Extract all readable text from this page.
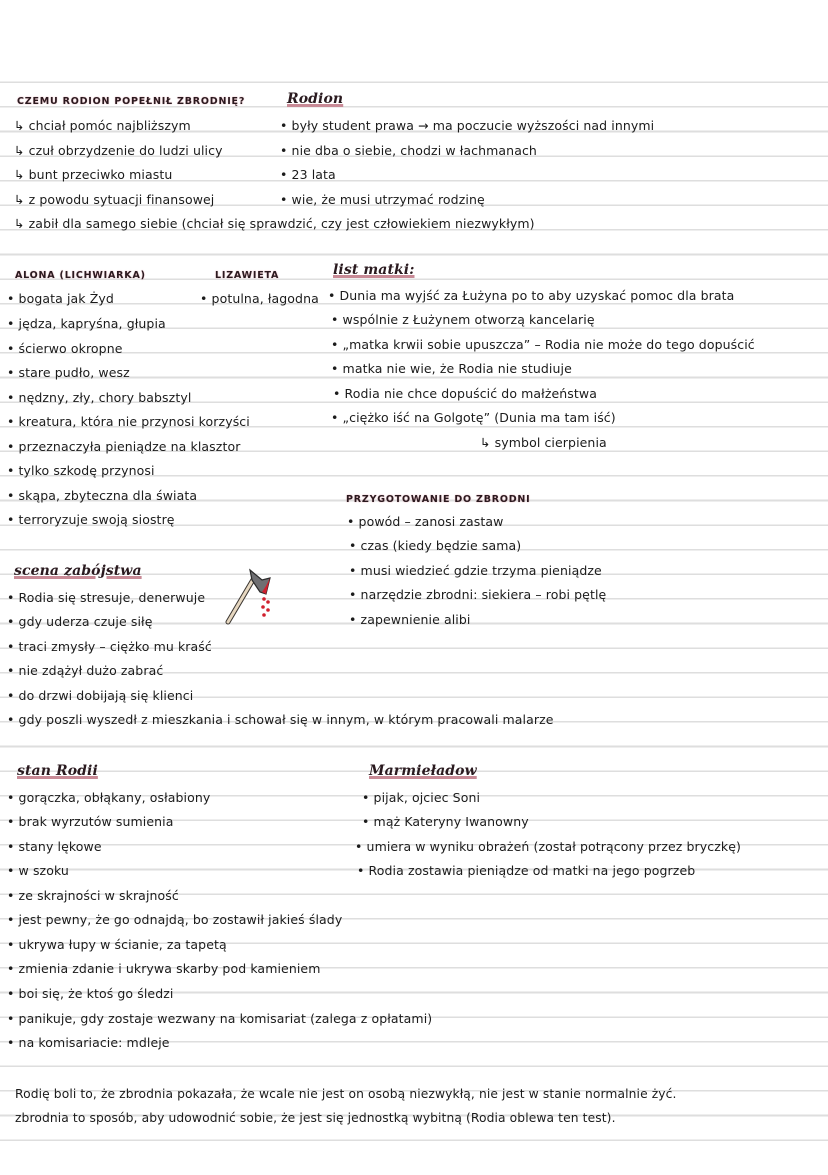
CZEMU RODION POPEŁNIŁ ZBRODNIĘ?
↳ chciał pomóc najbliższym
↳ czuł obrzydzenie do ludzi ulicy
↳ bunt przeciwko miastu
↳ z powodu sytuacji finansowej
↳ zabił dla samego siebie (chciał się sprawdzić, czy jest człowiekiem niezwykłym)
Rodion
• były student prawa → ma poczucie wyższości nad innymi
• nie dba o siebie, chodzi w łachmanach
• 23 lata
• wie, że musi utrzymać rodzinę
ALONA (LICHWIARKA)
• bogata jak Żyd
• jędza, kapryśna, głupia
• ścierwo okropne
• stare pudło, wesz
• nędzny, zły, chory babsztyl
• kreatura, która nie przynosi korzyści
• przeznaczyła pieniądze na klasztor
• tylko szkodę przynosi
• skąpa, zbyteczna dla świata
• terroryzuje swoją siostrę
LIZAWIETA
• potulna, łagodna
list matki:
• Dunia ma wyjść za Łużyna po to aby uzyskać pomoc dla brata
• wspólnie z Łużynem otworzą kancelarię
• „matka krwii sobie upuszcza” – Rodia nie może do tego dopuścić
• matka nie wie, że Rodia nie studiuje
• Rodia nie chce dopuścić do małżeństwa
• „ciężko iść na Golgotę” (Dunia ma tam iść)
↳ symbol cierpienia
PRZYGOTOWANIE DO ZBRODNI
• powód – zanosi zastaw
• czas (kiedy będzie sama)
• musi wiedzieć gdzie trzyma pieniądze
• narzędzie zbrodni: siekiera – robi pętlę
• zapewnienie alibi
scena zabójstwa
• Rodia się stresuje, denerwuje
• gdy uderza czuje siłę
• traci zmysły – ciężko mu kraść
• nie zdążył dużo zabrać
• do drzwi dobijają się klienci
• gdy poszli wyszedł z mieszkania i schował się w innym, w którym pracowali malarze
stan Rodii
• gorączka, obłąkany, osłabiony
• brak wyrzutów sumienia
• stany lękowe
• w szoku
• ze skrajności w skrajność
• jest pewny, że go odnajdą, bo zostawił jakieś ślady
• ukrywa łupy w ścianie, za tapetą
• zmienia zdanie i ukrywa skarby pod kamieniem
• boi się, że ktoś go śledzi
• panikuje, gdy zostaje wezwany na komisariat (zalega z opłatami)
• na komisariacie: mdleje
Marmieładow
• pijak, ojciec Soni
• mąż Kateryny Iwanowny
• umiera w wyniku obrażeń (został potrącony przez bryczkę)
• Rodia zostawia pieniądze od matki na jego pogrzeb
Rodię boli to, że zbrodnia pokazała, że wcale nie jest on osobą niezwykłą, nie jest w stanie normalnie żyć.
zbrodnia to sposób, aby udowodnić sobie, że jest się jednostką wybitną (Rodia oblewa ten test).
